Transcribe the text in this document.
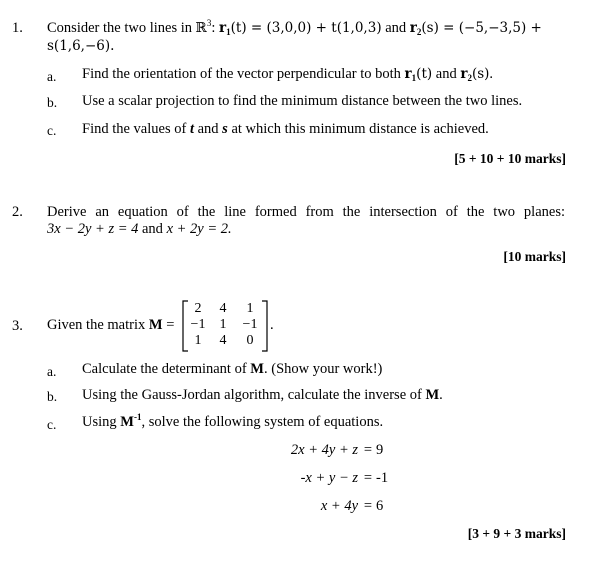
1. Consider the two lines in ℝ$^3$: $r_1(t) = (3,0,0) + t(1,0,3)$ and $r_2(s) = (-5,-3,5)$ +
s(1,6,−6).
a. Find the orientation of the vector perpendicular to both $r_1(t)$ and $r_2(s)$.
b. Use a scalar projection to find the minimum distance between the two lines.
c. Find the values of t and s at which this minimum distance is achieved.
[5 + 10 + 10 marks]
2. Derive an equation of the line formed from the intersection of the two planes:
3x − 2y + z = 4 and x + 2y = 2.
[10 marks]
3. Given the matrix M =
2	4	1
−1	1	−1
1	4	0
.
a. Calculate the determinant of M. (Show your work!)
b. Using the Gauss-Jordan algorithm, calculate the inverse of M.
c. Using $M^{-1}$, solve the following system of equations.
2x + 4y + z = 9
-x + y − z = -1
x + 4y = 6
[3 + 9 + 3 marks]
